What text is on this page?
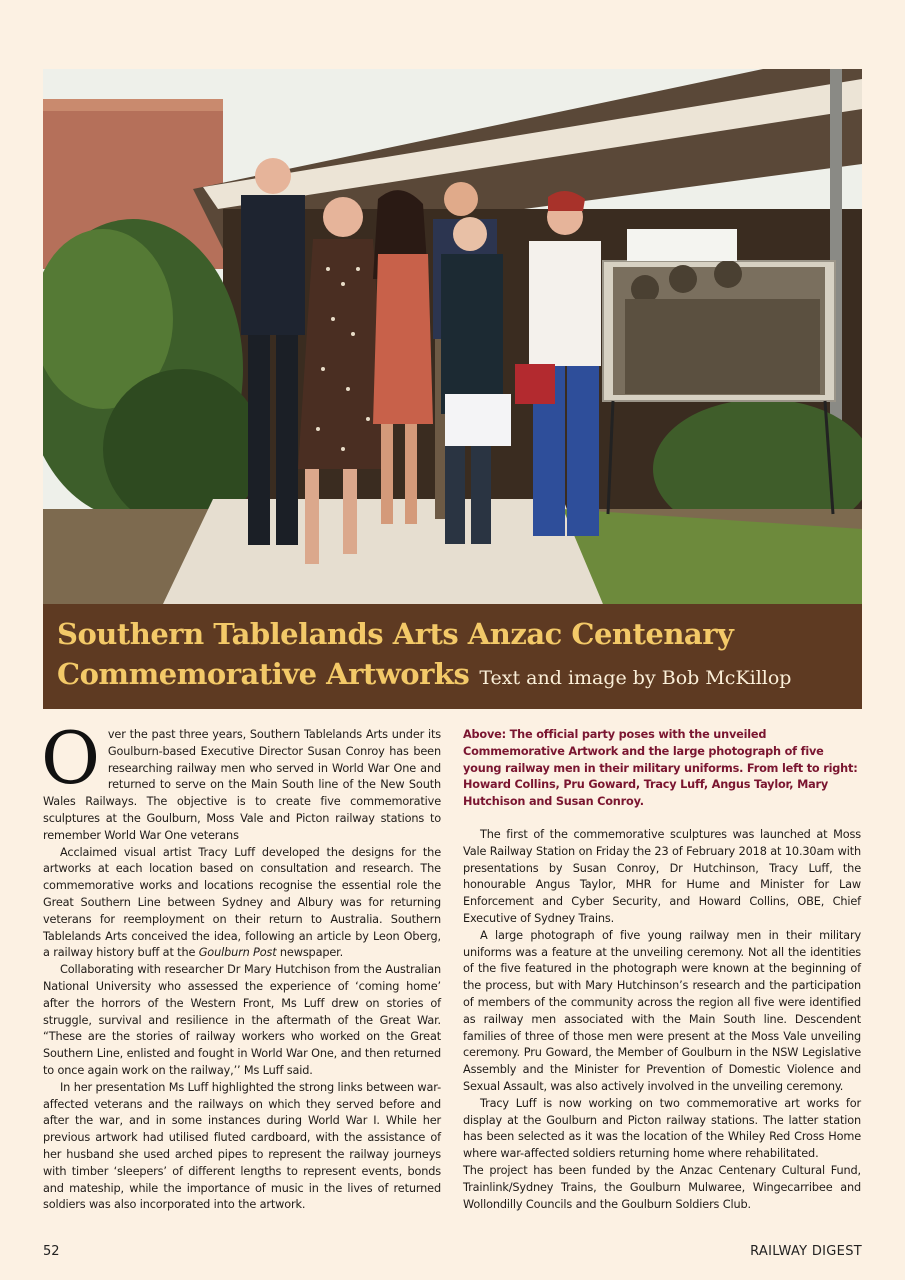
Southern Tablelands Arts Anzac Centenary
Commemorative Artworks Text and image by Bob McKillop

Over the past three years, Southern Tablelands Arts under its Goulburn-based Executive Director Susan Conroy has been researching railway men who served in World War One and returned to serve on the Main South line of the New South Wales Railways. The objective is to create five commemorative sculptures at the Goulburn, Moss Vale and Picton railway stations to remember World War One veterans

Acclaimed visual artist Tracy Luff developed the designs for the artworks at each location based on consultation and research. The commemorative works and locations recognise the essential role the Great Southern Line between Sydney and Albury was for returning veterans for reemployment on their return to Australia. Southern Tablelands Arts conceived the idea, following an article by Leon Oberg, a railway history buff at the Goulburn Post newspaper.

Collaborating with researcher Dr Mary Hutchison from the Australian National University who assessed the experience of ‘coming home’ after the horrors of the Western Front, Ms Luff drew on stories of struggle, survival and resilience in the aftermath of the Great War. “These are the stories of railway workers who worked on the Great Southern Line, enlisted and fought in World War One, and then returned to once again work on the railway,’’ Ms Luff said.

In her presentation Ms Luff highlighted the strong links between war-affected veterans and the railways on which they served before and after the war, and in some instances during World War I. While her previous artwork had utilised fluted cardboard, with the assistance of her husband she used arched pipes to represent the railway journeys with timber ‘sleepers’ of different lengths to represent events, bonds and mateship, while the importance of music in the lives of returned soldiers was also incorporated into the artwork.

Above: The official party poses with the unveiled Commemorative Artwork and the large photograph of five young railway men in their military uniforms. From left to right: Howard Collins, Pru Goward, Tracy Luff, Angus Taylor, Mary Hutchison and Susan Conroy.

The first of the commemorative sculptures was launched at Moss Vale Railway Station on Friday the 23 of February 2018 at 10.30am with presentations by Susan Conroy, Dr Hutchinson, Tracy Luff, the honourable Angus Taylor, MHR for Hume and Minister for Law Enforcement and Cyber Security, and Howard Collins, OBE, Chief Executive of Sydney Trains.

A large photograph of five young railway men in their military uniforms was a feature at the unveiling ceremony. Not all the identities of the five featured in the photograph were known at the beginning of the process, but with Mary Hutchinson’s research and the participation of members of the community across the region all five were identified as railway men associated with the Main South line. Descendent families of three of those men were present at the Moss Vale unveiling ceremony. Pru Goward, the Member of Goulburn in the NSW Legislative Assembly and the Minister for Prevention of Domestic Violence and Sexual Assault, was also actively involved in the unveiling ceremony.

Tracy Luff is now working on two commemorative art works for display at the Goulburn and Picton railway stations. The latter station has been selected as it was the location of the Whiley Red Cross Home where war-affected soldiers returning home where rehabilitated.

The project has been funded by the Anzac Centenary Cultural Fund, Trainlink/Sydney Trains, the Goulburn Mulwaree, Wingecarribee and Wollondilly Councils and the Goulburn Soldiers Club.

52	RAILWAY DIGEST
